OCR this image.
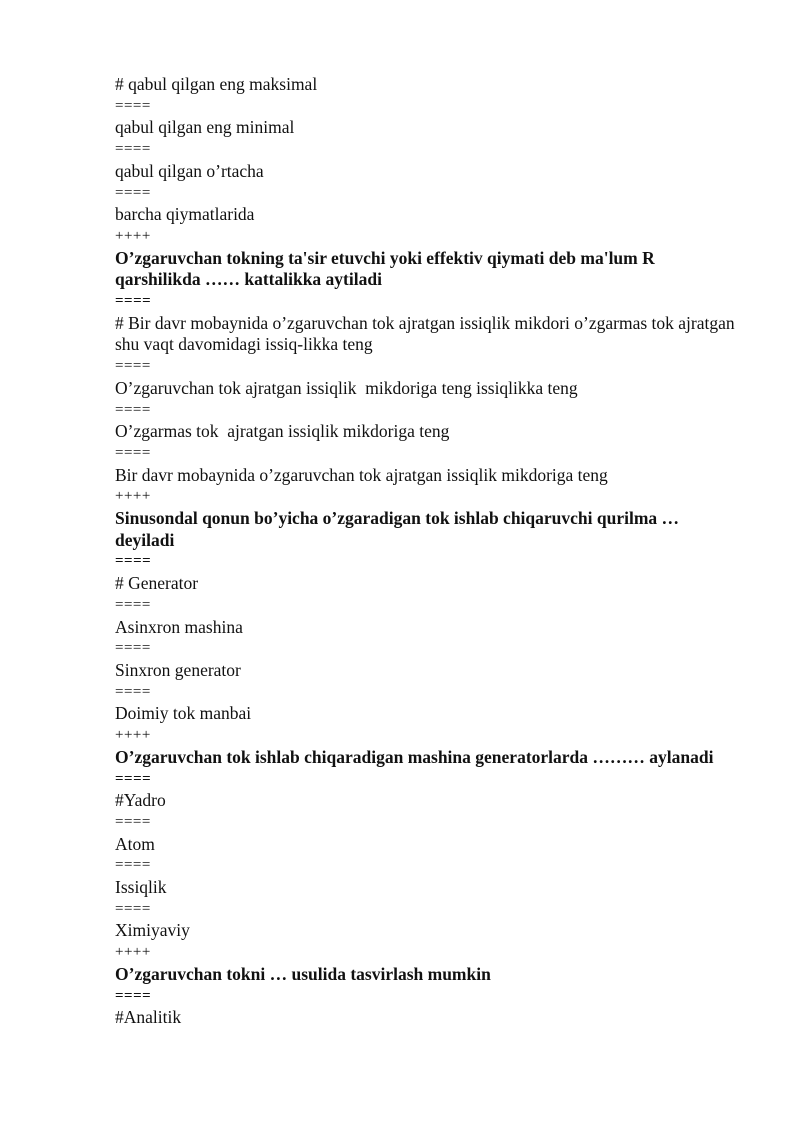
# qabul qilgan eng maksimal
====
qabul qilgan eng minimal
====
qabul qilgan o’rtacha
====
barcha qiymatlarida
++++
O’zgaruvchan tokning ta'sir etuvchi yoki effektiv qiymati deb ma'lum R qarshilikda …… kattalikka aytiladi
====
# Bir davr mobaynida o’zgaruvchan tok ajratgan issiqlik mikdori o’zgarmas tok ajratgan shu vaqt davomidagi issiq-likka teng
====
O’zgaruvchan tok ajratgan issiqlik  mikdoriga teng issiqlikka teng
====
O’zgarmas tok  ajratgan issiqlik mikdoriga teng
====
Bir davr mobaynida o’zgaruvchan tok ajratgan issiqlik mikdoriga teng
++++
Sinusondal qonun bo’yicha o’zgaradigan tok ishlab chiqaruvchi qurilma … deyiladi
====
# Generator
====
Asinxron mashina
====
Sinxron generator
====
Doimiy tok manbai
++++
O’zgaruvchan tok ishlab chiqaradigan mashina generatorlarda ……… aylanadi
====
#Yadro
====
Atom
====
Issiqlik
====
Ximiyaviy
++++
O’zgaruvchan tokni … usulida tasvirlash mumkin
====
#Analitik
